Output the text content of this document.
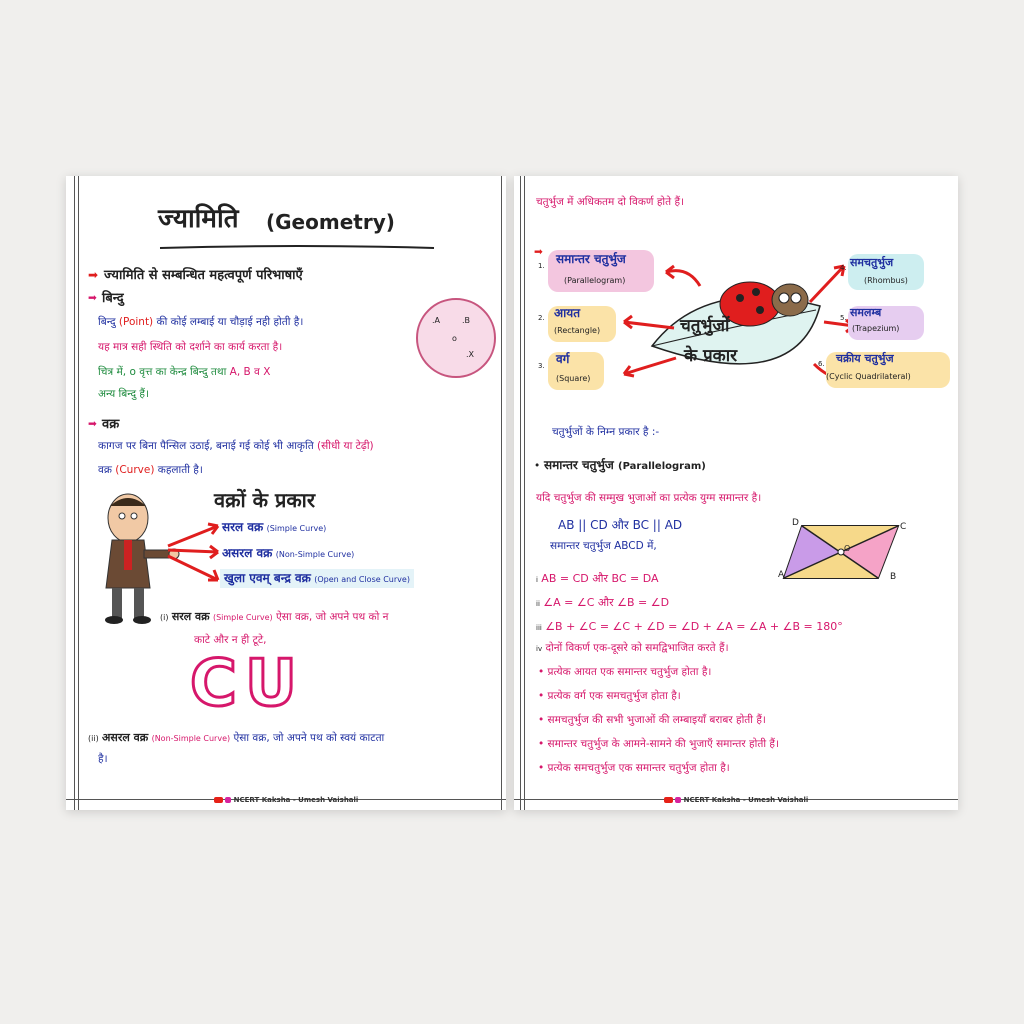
ज्यामिति (Geometry)
➡ ज्यामिति से सम्बन्धित महत्वपूर्ण परिभाषाएँ
➡ बिन्दु
बिन्दु (Point) की कोई लम्बाई या चौड़ाई नही होती है।
यह मात्र सही स्थिति को दर्शाने का कार्य करता है।
चित्र में, o वृत्त का केन्द्र बिन्दु तथा A, B व X
अन्य बिन्दु हैं।
.A	.B
o
.X
➡ वक्र
कागज पर बिना पैन्सिल उठाई, बनाई गई कोई भी आकृति (सीधी या टेढ़ी)
वक्र (Curve) कहलाती है।
वक्रों के प्रकार
सरल वक्र (Simple Curve)
असरल वक्र (Non-Simple Curve)
खुला एवम् बन्द्र वक्र (Open and Close Curve)
(i) सरल वक्र (Simple Curve) ऐसा वक्र, जो अपने पथ को न
काटे और न ही टूटे,
CU
(ii) असरल वक्र (Non-Simple Curve) ऐसा वक्र, जो अपने पथ को स्वयं काटता
है।
NCERT Kaksha - Umesh Vaishali
चतुर्भुज में अधिकतम दो विकर्ण होते हैं।
➡
चतुर्भुजों
के प्रकार
1. समान्तर चतुर्भुज
(Parallelogram)
2. आयत
(Rectangle)
3. वर्ग
(Square)
4. समचतुर्भुज
(Rhombus)
5. समलम्ब
(Trapezium)
6. चक्रीय चतुर्भुज
(Cyclic Quadrilateral)
चतुर्भुजों के निम्न प्रकार है :-
• समान्तर चतुर्भुज (Parallelogram)
यदि चतुर्भुज की सम्मुख भुजाओं का प्रत्येक युग्म समान्तर है।
AB || CD और BC || AD
समान्तर चतुर्भुज ABCD में,
D	C
A	B
O
i AB = CD और BC = DA
ii ∠A = ∠C और ∠B = ∠D
iii ∠B + ∠C = ∠C + ∠D = ∠D + ∠A = ∠A + ∠B = 180°
iv दोनों विकर्ण एक-दूसरे को समद्विभाजित करते हैं।
• प्रत्येक आयत एक समान्तर चतुर्भुज होता है।
• प्रत्येक वर्ग एक समचतुर्भुज होता है।
• समचतुर्भुज की सभी भुजाओं की लम्बाइयाँ बराबर होती हैं।
• समान्तर चतुर्भुज के आमने-सामने की भुजाएँ समान्तर होती हैं।
• प्रत्येक समचतुर्भुज एक समान्तर चतुर्भुज होता है।
NCERT Kaksha - Umesh Vaishali
